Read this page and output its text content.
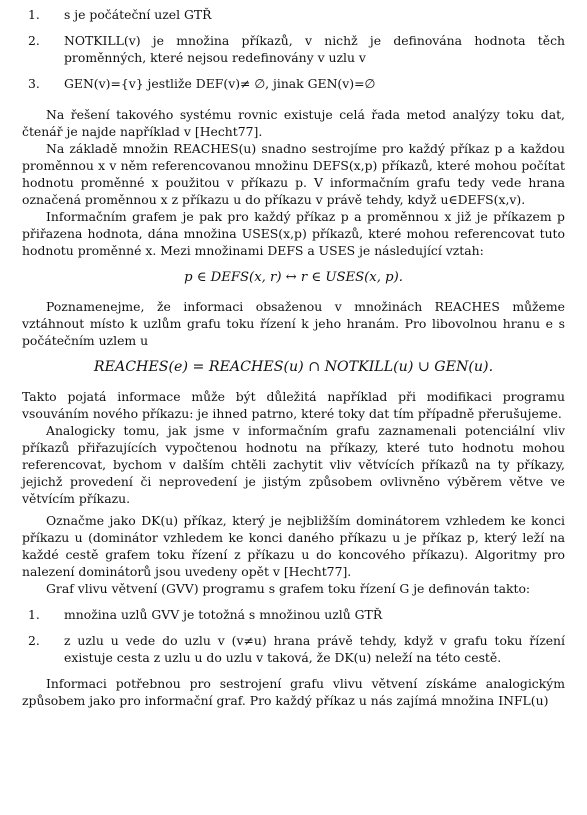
1.	s je počáteční uzel GTŘ
2.	NOTKILL(v) je množina příkazů, v nichž je definována hodnota těch proměnných, které nejsou redefinovány v uzlu v
3.	GEN(v)={v} jestliže DEF(v)≠ ∅, jinak GEN(v)=∅

Na řešení takového systému rovnic existuje celá řada metod analýzy toku dat, čtenář je najde například v [Hecht77].

Na základě množin REACHES(u) snadno sestrojíme pro každý příkaz p a každou proměnnou x v něm referencovanou množinu DEFS(x,p) příkazů, které mohou počítat hodnotu proměnné x použitou v příkazu p. V informačním grafu tedy vede hrana označená proměnnou x z příkazu u do příkazu v právě tehdy, když u∈DEFS(x,v).

Informačním grafem je pak pro každý příkaz p a proměnnou x již je příkazem p přiřazena hodnota, dána množina USES(x,p) příkazů, které mohou referencovat tuto hodnotu proměnné x. Mezi množinami DEFS a USES je následující vztah:

p ∈ DEFS(x, r) ↔ r ∈ USES(x, p).

Poznamenejme, že informaci obsaženou v množinách REACHES můžeme vztáhnout místo k uzlům grafu toku řízení k jeho hranám. Pro libovolnou hranu e s počátečním uzlem u

REACHES(e) = REACHES(u) ∩ NOTKILL(u) ∪ GEN(u).

Takto pojatá informace může být důležitá například při modifikaci programu vsouváním nového příkazu: je ihned patrno, které toky dat tím případně přerušujeme.

Analogicky tomu, jak jsme v informačním grafu zaznamenali potenciální vliv příkazů přiřazujících vypočtenou hodnotu na příkazy, které tuto hodnotu mohou referencovat, bychom v dalším chtěli zachytit vliv větvících příkazů na ty příkazy, jejichž provedení či neprovedení je jistým způsobem ovlivněno výběrem větve ve větvícím příkazu.

Označme jako DK(u) příkaz, který je nejbližším dominátorem vzhledem ke konci příkazu u (dominátor vzhledem ke konci daného příkazu u je příkaz p, který leží na každé cestě grafem toku řízení z příkazu u do koncového příkazu). Algoritmy pro nalezení dominátorů jsou uvedeny opět v [Hecht77].

Graf vlivu větvení (GVV) programu s grafem toku řízení G je definován takto:

1.	množina uzlů GVV je totožná s množinou uzlů GTŘ
2.	z uzlu u vede do uzlu v (v≠u) hrana právě tehdy, když v grafu toku řízení existuje cesta z uzlu u do uzlu v taková, že DK(u) neleží na této cestě.

Informaci potřebnou pro sestrojení grafu vlivu větvení získáme analogickým způsobem jako pro informační graf. Pro každý příkaz u nás zajímá množina INFL(u)
